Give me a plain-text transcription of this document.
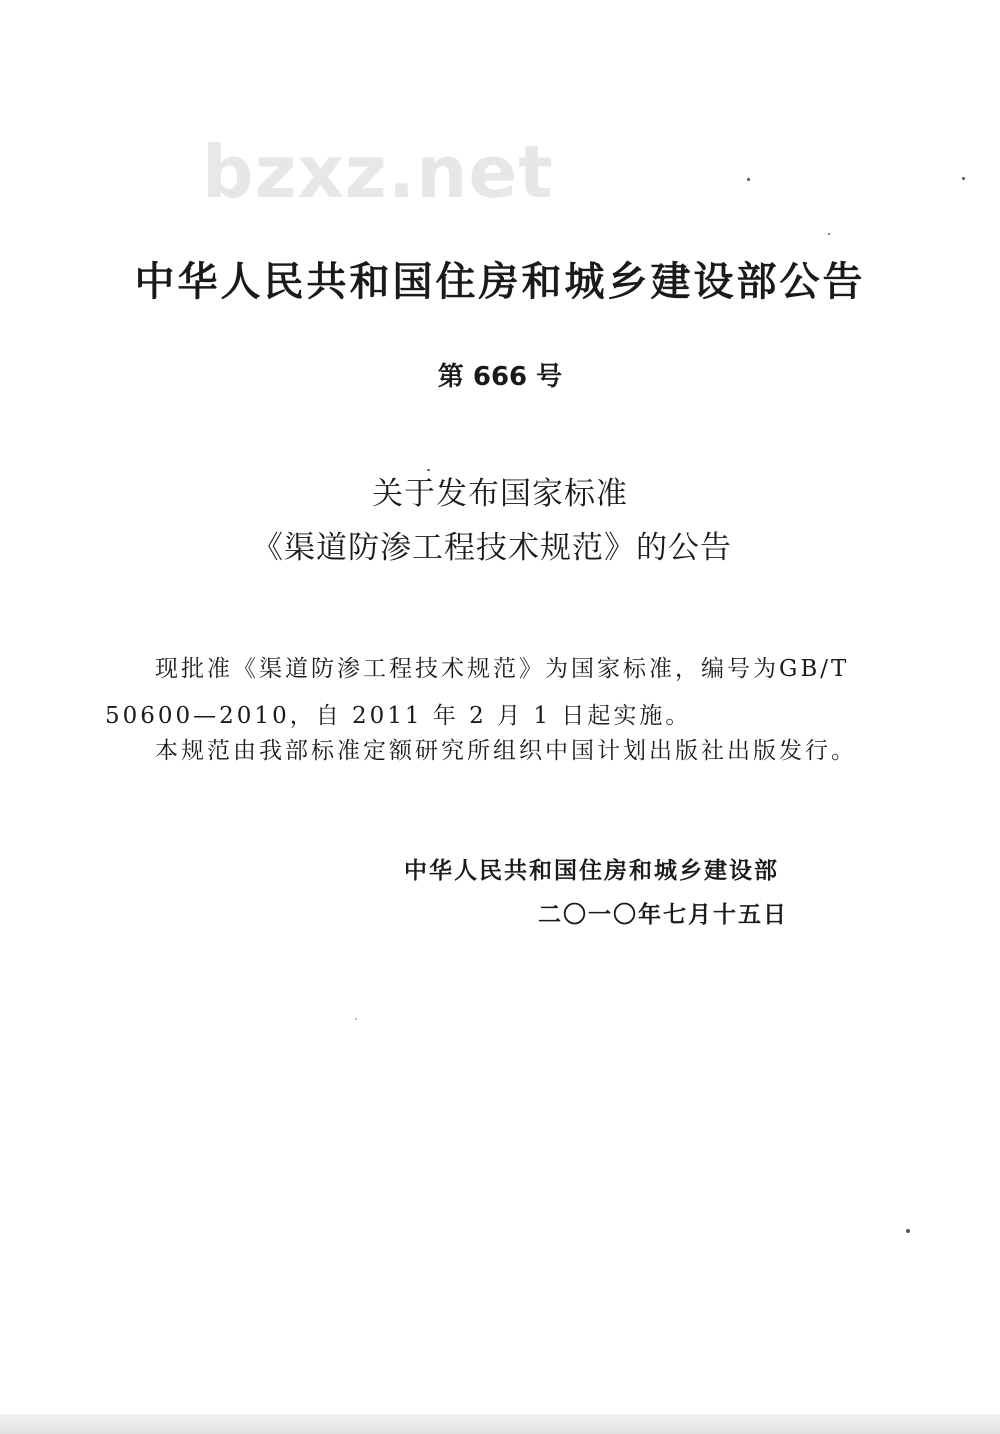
bzxz.net
中华人民共和国住房和城乡建设部公告
第 666 号
关于发布国家标准
《渠道防渗工程技术规范》的公告
现批准《渠道防渗工程技术规范》为国家标准，编号为GB/T 50600—2010，自 2011 年 2 月 1 日起实施。
本规范由我部标准定额研究所组织中国计划出版社出版发行。
中华人民共和国住房和城乡建设部
二〇一〇年七月十五日
